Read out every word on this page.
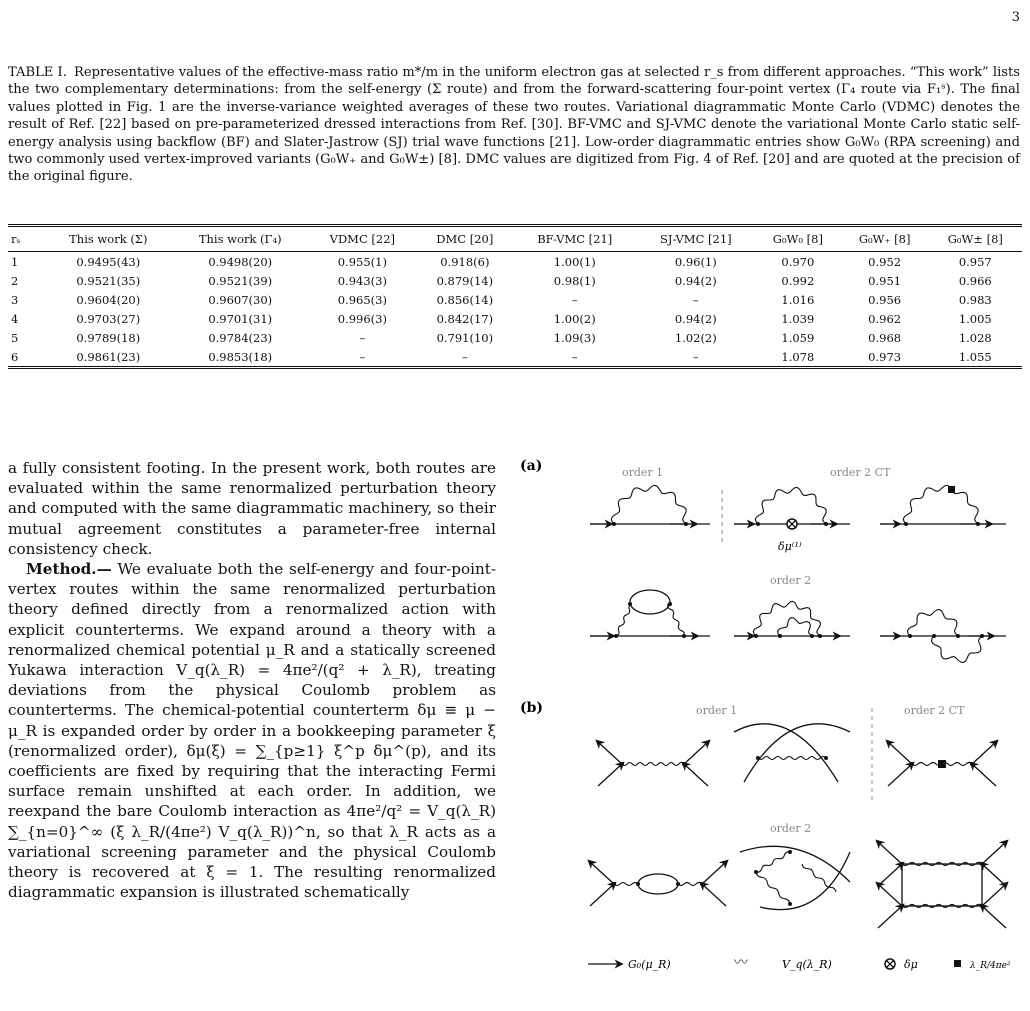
3
TABLE I. Representative values of the effective-mass ratio m*/m in the uniform electron gas at selected r_s from different approaches. “This work” lists the two complementary determinations: from the self-energy (Σ route) and from the forward-scattering four-point vertex (Γ₄ route via F₁ˢ). The final values plotted in Fig. 1 are the inverse-variance weighted averages of these two routes. Variational diagrammatic Monte Carlo (VDMC) denotes the result of Ref. [22] based on pre-parameterized dressed interactions from Ref. [30]. BF-VMC and SJ-VMC denote the variational Monte Carlo static self-energy analysis using backflow (BF) and Slater-Jastrow (SJ) trial wave functions [21]. Low-order diagrammatic entries show G₀W₀ (RPA screening) and two commonly used vertex-improved variants (G₀W₊ and G₀W±) [8]. DMC values are digitized from Fig. 4 of Ref. [20] and are quoted at the precision of the original figure.
rₛ	This work (Σ)	This work (Γ₄)	VDMC [22]	DMC [20]	BF-VMC [21]	SJ-VMC [21]	G₀W₀ [8]	G₀W₊ [8]	G₀W± [8]
1	0.9495(43)	0.9498(20)	0.955(1)	0.918(6)	1.00(1)	0.96(1)	0.970	0.952	0.957
2	0.9521(35)	0.9521(39)	0.943(3)	0.879(14)	0.98(1)	0.94(2)	0.992	0.951	0.966
3	0.9604(20)	0.9607(30)	0.965(3)	0.856(14)	–	–	1.016	0.956	0.983
4	0.9703(27)	0.9701(31)	0.996(3)	0.842(17)	1.00(2)	0.94(2)	1.039	0.962	1.005
5	0.9789(18)	0.9784(23)	–	0.791(10)	1.09(3)	1.02(2)	1.059	0.968	1.028
6	0.9861(23)	0.9853(18)	–	–	–	–	1.078	0.973	1.055

a fully consistent footing. In the present work, both routes are evaluated within the same renormalized perturbation theory and computed with the same diagrammatic machinery, so their mutual agreement constitutes a parameter-free internal consistency check.

Method.— We evaluate both the self-energy and four-point-vertex routes within the same renormalized perturbation theory defined directly from a renormalized action with explicit counterterms. We expand around a theory with a renormalized chemical potential μ_R and a statically screened Yukawa interaction V_q(λ_R) = 4πe²/(q² + λ_R), treating deviations from the physical Coulomb problem as counterterms. The chemical-potential counterterm δμ ≡ μ − μ_R is expanded order by order in a bookkeeping parameter ξ (renormalized order), δμ(ξ) = ∑_{p≥1} ξ^p δμ^(p), and its coefficients are fixed by requiring that the interacting Fermi surface remain unshifted at each order. In addition, we reexpand the bare Coulomb interaction as 4πe²/q² = V_q(λ_R) ∑_{n=0}^∞ (ξ λ_R/(4πe²) V_q(λ_R))^n, so that λ_R acts as a variational screening parameter and the physical Coulomb theory is recovered at ξ = 1. The resulting renormalized diagrammatic expansion is illustrated schematically

(a)	order 1	order 2 CT
order 2
δμ⁽¹⁾
(b)	order 1	order 2 CT
order 2
G₀(μ_R)	〰	V_q(λ_R)	δμ	λ_R/4πe²
